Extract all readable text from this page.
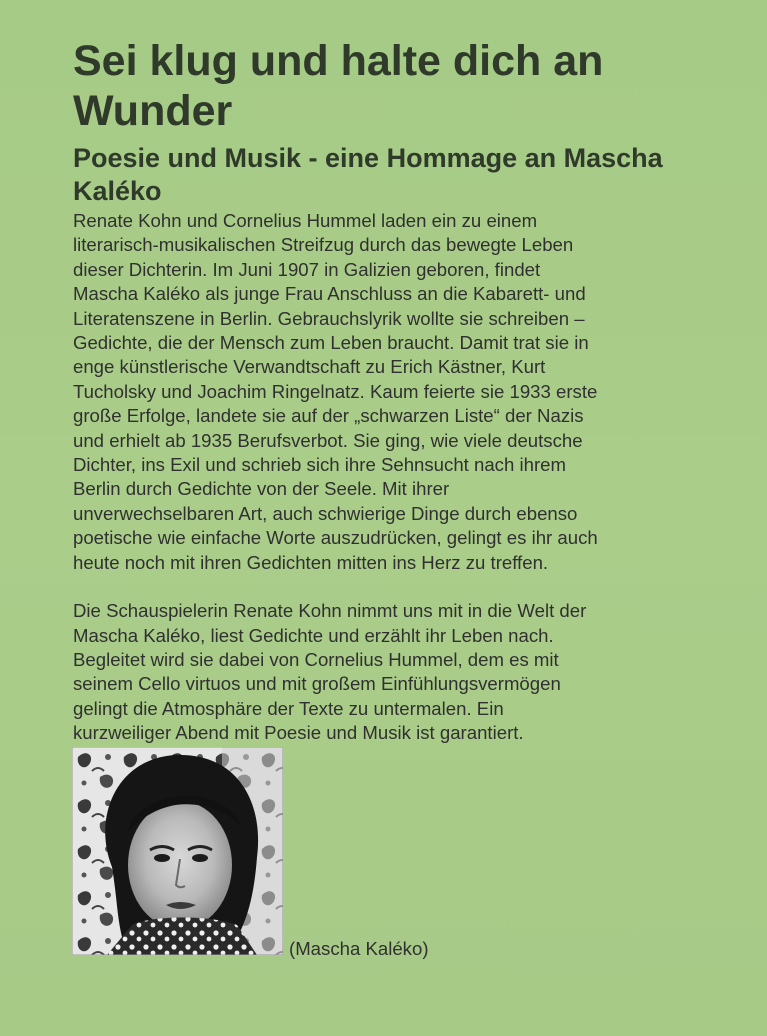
Sei klug und halte dich an Wunder
Poesie und Musik - eine Hommage an Mascha Kaléko

Renate Kohn und Cornelius Hummel laden ein zu einem
literarisch-musikalischen Streifzug durch das bewegte Leben
dieser Dichterin. Im Juni 1907 in Galizien geboren, findet
Mascha Kaléko als junge Frau Anschluss an die Kabarett- und
Literatenszene in Berlin. Gebrauchslyrik wollte sie schreiben –
Gedichte, die der Mensch zum Leben braucht. Damit trat sie in
enge künstlerische Verwandtschaft zu Erich Kästner, Kurt
Tucholsky und Joachim Ringelnatz. Kaum feierte sie 1933 erste
große Erfolge, landete sie auf der „schwarzen Liste“ der Nazis
und erhielt ab 1935 Berufsverbot. Sie ging, wie viele deutsche
Dichter, ins Exil und schrieb sich ihre Sehnsucht nach ihrem
Berlin durch Gedichte von der Seele. Mit ihrer
unverwechselbaren Art, auch schwierige Dinge durch ebenso
poetische wie einfache Worte auszudrücken, gelingt es ihr auch
heute noch mit ihren Gedichten mitten ins Herz zu treffen.

Die Schauspielerin Renate Kohn nimmt uns mit in die Welt der
Mascha Kaléko, liest Gedichte und erzählt ihr Leben nach.
Begleitet wird sie dabei von Cornelius Hummel, dem es mit
seinem Cello virtuos und mit großem Einfühlungsvermögen
gelingt die Atmosphäre der Texte zu untermalen. Ein
kurzweiliger Abend mit Poesie und Musik ist garantiert.

(Mascha Kaléko)
